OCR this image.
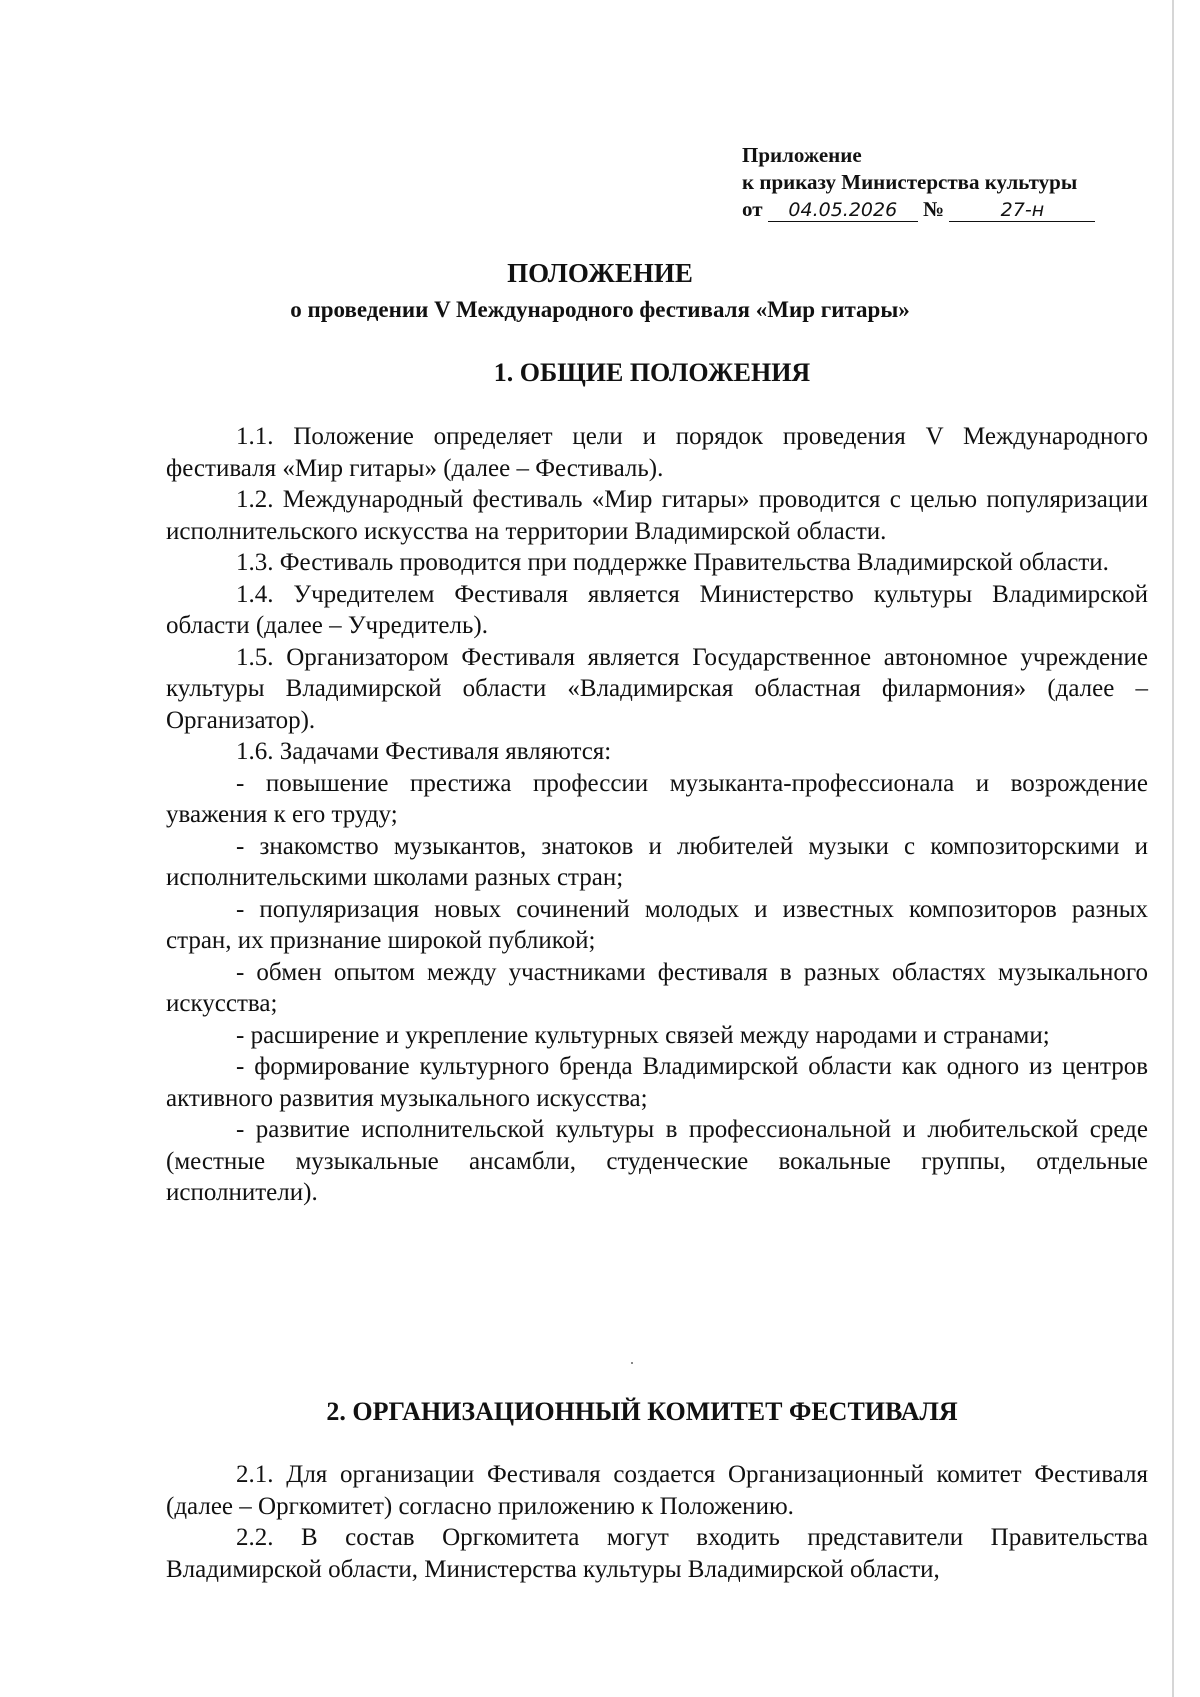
Приложение
к приказу Министерства культуры
от 04.05.2026 №	27-н
ПОЛОЖЕНИЕ
о проведении V Международного фестиваля «Мир гитары»
1. ОБЩИЕ ПОЛОЖЕНИЯ

1.1. Положение определяет цели и порядок проведения V Международного фестиваля «Мир гитары» (далее – Фестиваль).

1.2. Международный фестиваль «Мир гитары» проводится с целью популяризации исполнительского искусства на территории Владимирской области.

1.3. Фестиваль проводится при поддержке Правительства Владимирской области.

1.4. Учредителем Фестиваля является Министерство культуры Владимирской области (далее – Учредитель).

1.5. Организатором Фестиваля является Государственное автономное учреждение культуры Владимирской области «Владимирская областная филармония» (далее – Организатор).

1.6. Задачами Фестиваля являются:

- повышение престижа профессии музыканта-профессионала и возрождение уважения к его труду;

- знакомство музыкантов, знатоков и любителей музыки с композиторскими и исполнительскими школами разных стран;

- популяризация новых сочинений молодых и известных композиторов разных стран, их признание широкой публикой;

- обмен опытом между участниками фестиваля в разных областях музыкального искусства;

- расширение и укрепление культурных связей между народами и странами;

- формирование культурного бренда Владимирской области как одного из центров активного развития музыкального искусства;

- развитие исполнительской культуры в профессиональной и любительской среде (местные музыкальные ансамбли, студенческие вокальные группы, отдельные исполнители).

2. ОРГАНИЗАЦИОННЫЙ КОМИТЕТ ФЕСТИВАЛЯ

2.1. Для организации Фестиваля создается Организационный комитет Фестиваля (далее – Оргкомитет) согласно приложению к Положению.

2.2. В состав Оргкомитета могут входить представители Правительства Владимирской области, Министерства культуры Владимирской области,
